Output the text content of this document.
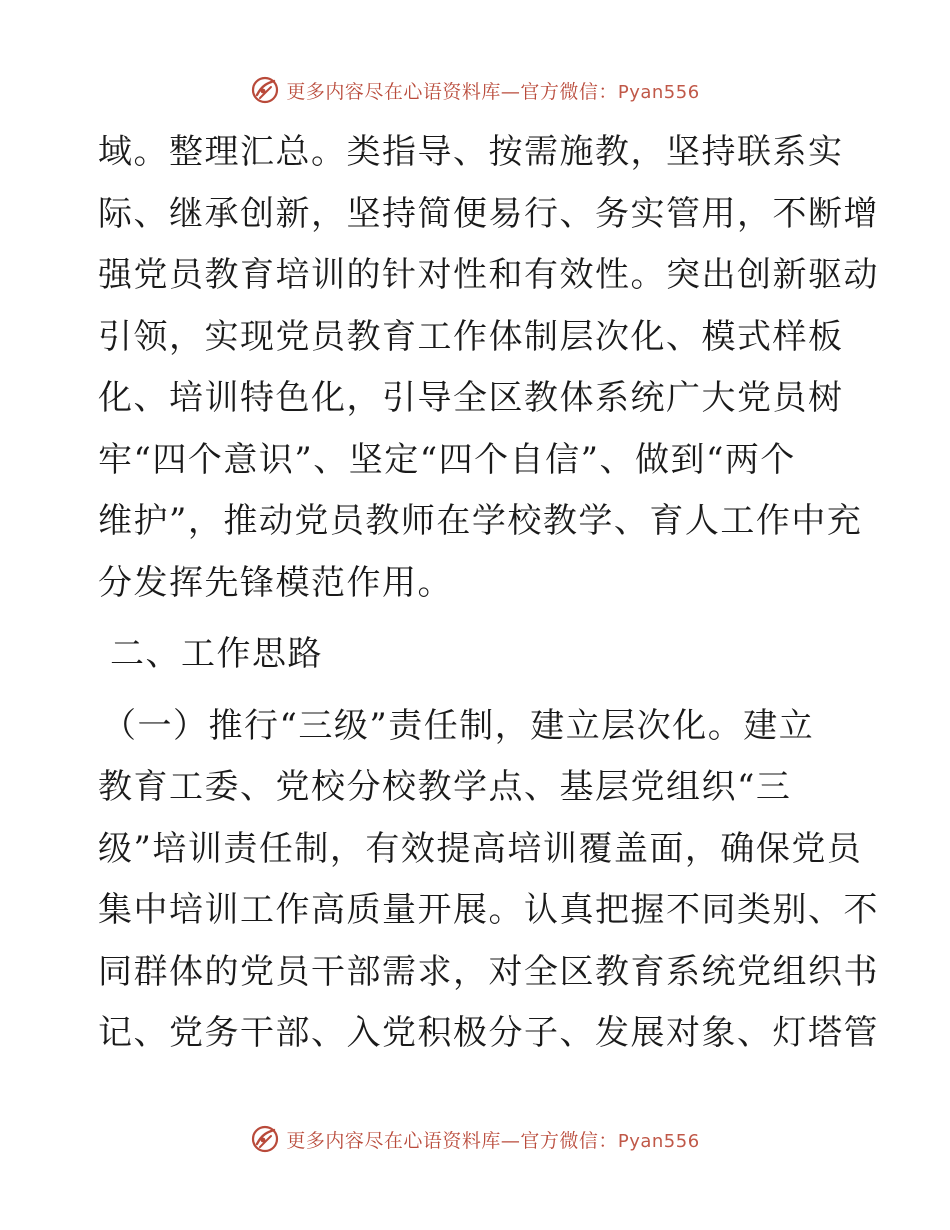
更多内容尽在心语资料库—官方微信：Pyan556
域。整理汇总。类指导、按需施教，坚持联系实
际、继承创新，坚持简便易行、务实管用，不断增
强党员教育培训的针对性和有效性。突出创新驱动
引领，实现党员教育工作体制层次化、模式样板
化、培训特色化，引导全区教体系统广大党员树
牢“四个意识”、坚定“四个自信”、做到“两个
维护”，推动党员教师在学校教学、育人工作中充
分发挥先锋模范作用。
二、工作思路
（一）推行“三级”责任制，建立层次化。建立
教育工委、党校分校教学点、基层党组织“三
级”培训责任制，有效提高培训覆盖面，确保党员
集中培训工作高质量开展。认真把握不同类别、不
同群体的党员干部需求，对全区教育系统党组织书
记、党务干部、入党积极分子、发展对象、灯塔管
更多内容尽在心语资料库—官方微信：Pyan556
